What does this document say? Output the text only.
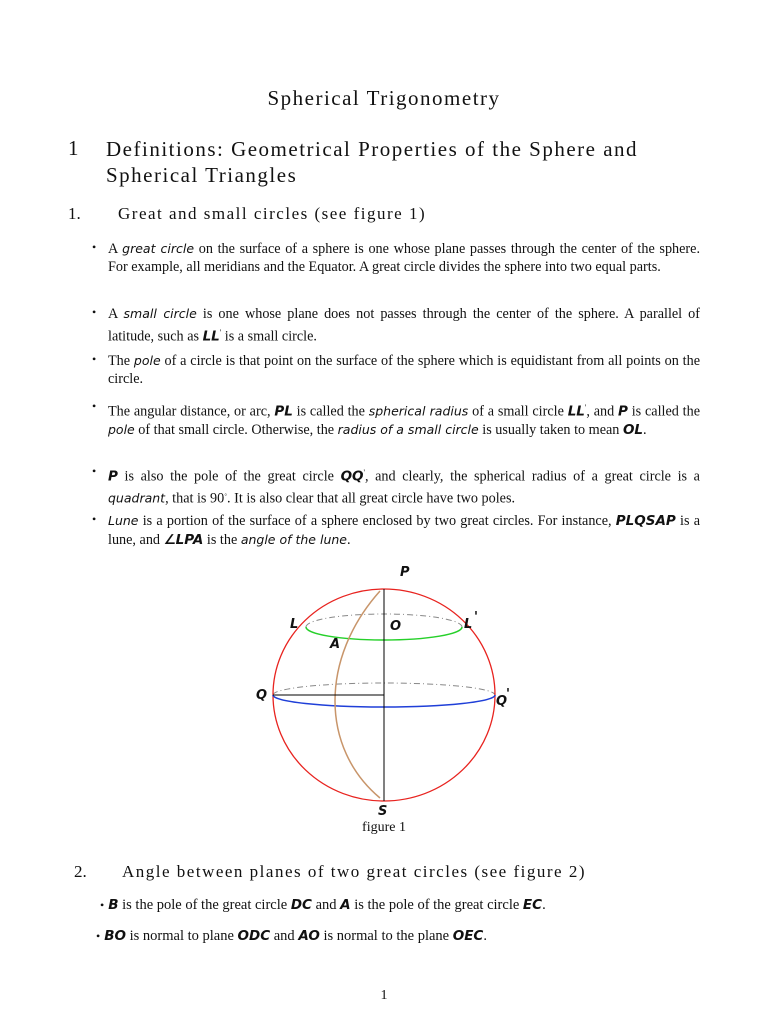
Spherical Trigonometry
1 Definitions: Geometrical Properties of the Sphere and Spherical Triangles
1. Great and small circles (see figure 1)
• A great circle on the surface of a sphere is one whose plane passes through the center of the sphere. For example, all meridians and the Equator. A great circle divides the sphere into two equal parts.
• A small circle is one whose plane does not passes through the center of the sphere. A parallel of latitude, such as LL' is a small circle.
• The pole of a circle is that point on the surface of the sphere which is equidistant from all points on the circle.
• The angular distance, or arc, PL is called the spherical radius of a small circle LL', and P is called the pole of that small circle. Otherwise, the radius of a small circle is usually taken to mean OL.
• P is also the pole of the great circle QQ', and clearly, the spherical radius of a great circle is a quadrant, that is 90◦. It is also clear that all great circle have two poles.
• Lune is a portion of the surface of a sphere enclosed by two great circles. For instance, PLQSAP is a lune, and ∠LPA is the angle of the lune.
P
L	O	L '
A
Q	Q
'
S
figure 1
2. Angle between planes of two great circles (see figure 2)
• B is the pole of the great circle DC and A is the pole of the great circle EC.
• BO is normal to plane ODC and AO is normal to the plane OEC.
1
